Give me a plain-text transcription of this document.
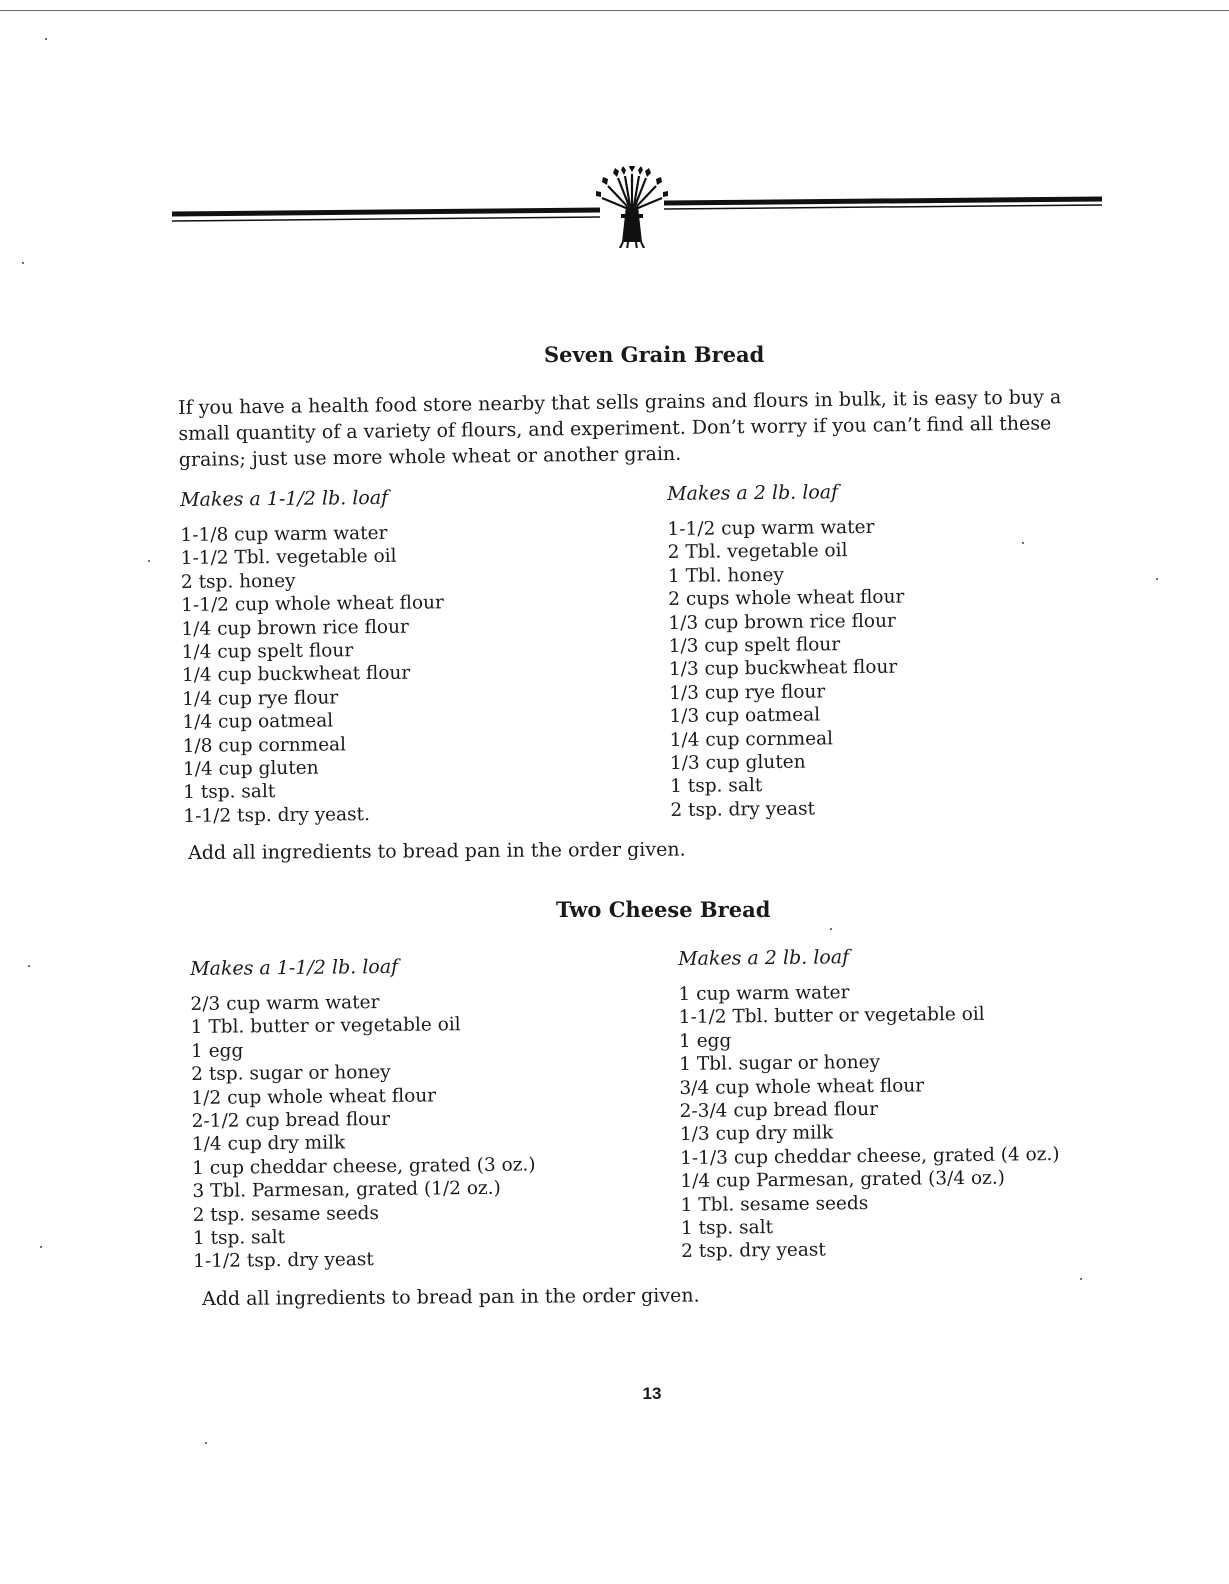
Seven Grain Bread

If you have a health food store nearby that sells grains and flours in bulk, it is easy to buy a small quantity of a variety of flours, and experiment. Don’t worry if you can’t find all these grains; just use more whole wheat or another grain.

Makes a 1-1/2 lb. loaf
1-1/8 cup warm water
1-1/2 Tbl. vegetable oil
2 tsp. honey
1-1/2 cup whole wheat flour
1/4 cup brown rice flour
1/4 cup spelt flour
1/4 cup buckwheat flour
1/4 cup rye flour
1/4 cup oatmeal
1/8 cup cornmeal
1/4 cup gluten
1 tsp. salt
1-1/2 tsp. dry yeast.
Makes a 2 lb. loaf
1-1/2 cup warm water
2 Tbl. vegetable oil
1 Tbl. honey
2 cups whole wheat flour
1/3 cup brown rice flour
1/3 cup spelt flour
1/3 cup buckwheat flour
1/3 cup rye flour
1/3 cup oatmeal
1/4 cup cornmeal
1/3 cup gluten
1 tsp. salt
2 tsp. dry yeast
Add all ingredients to bread pan in the order given.
Two Cheese Bread
Makes a 1-1/2 lb. loaf
2/3 cup warm water
1 Tbl. butter or vegetable oil
1 egg
2 tsp. sugar or honey
1/2 cup whole wheat flour
2-1/2 cup bread flour
1/4 cup dry milk
1 cup cheddar cheese, grated (3 oz.)
3 Tbl. Parmesan, grated (1/2 oz.)
2 tsp. sesame seeds
1 tsp. salt
1-1/2 tsp. dry yeast
Makes a 2 lb. loaf
1 cup warm water
1-1/2 Tbl. butter or vegetable oil
1 egg
1 Tbl. sugar or honey
3/4 cup whole wheat flour
2-3/4 cup bread flour
1/3 cup dry milk
1-1/3 cup cheddar cheese, grated (4 oz.)
1/4 cup Parmesan, grated (3/4 oz.)
1 Tbl. sesame seeds
1 tsp. salt
2 tsp. dry yeast
Add all ingredients to bread pan in the order given.
13
